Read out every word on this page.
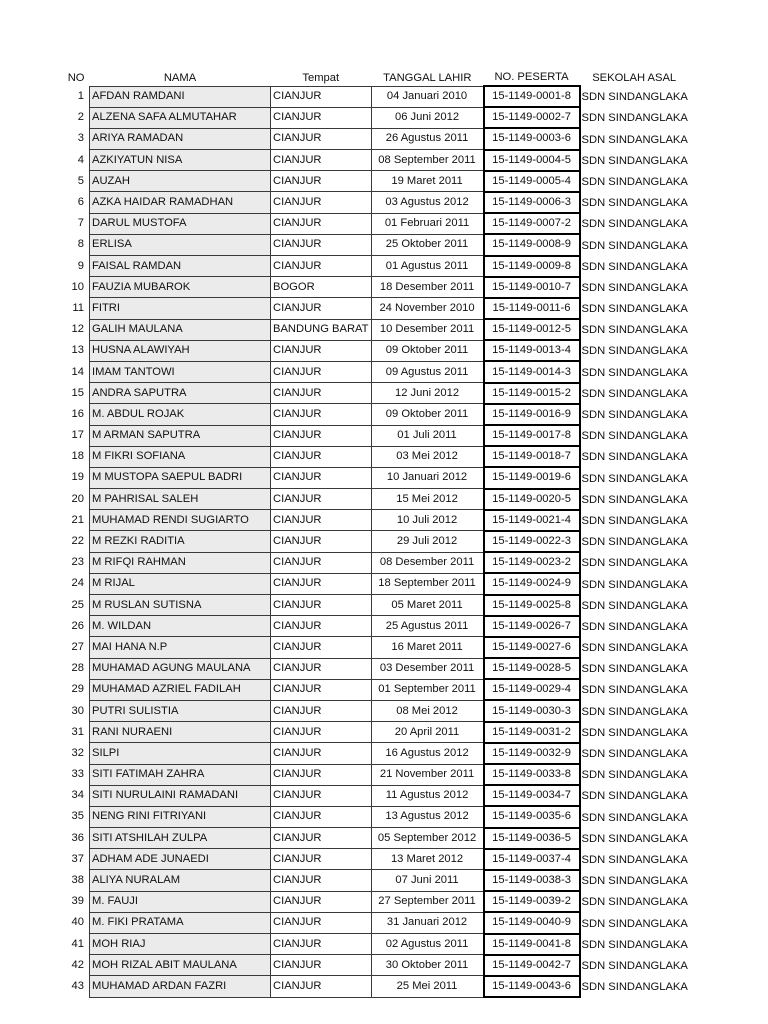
NO	NAMA	Tempat	TANGGAL LAHIR	NO. PESERTA	SEKOLAH ASAL
1	AFDAN RAMDANI	CIANJUR	04 Januari 2010	15-1149-0001-8	SDN SINDANGLAKA
2	ALZENA SAFA ALMUTAHAR	CIANJUR	06 Juni 2012	15-1149-0002-7	SDN SINDANGLAKA
3	ARIYA RAMADAN	CIANJUR	26 Agustus 2011	15-1149-0003-6	SDN SINDANGLAKA
4	AZKIYATUN NISA	CIANJUR	08 September 2011	15-1149-0004-5	SDN SINDANGLAKA
5	AUZAH	CIANJUR	19 Maret 2011	15-1149-0005-4	SDN SINDANGLAKA
6	AZKA HAIDAR RAMADHAN	CIANJUR	03 Agustus 2012	15-1149-0006-3	SDN SINDANGLAKA
7	DARUL MUSTOFA	CIANJUR	01 Februari 2011	15-1149-0007-2	SDN SINDANGLAKA
8	ERLISA	CIANJUR	25 Oktober 2011	15-1149-0008-9	SDN SINDANGLAKA
9	FAISAL RAMDAN	CIANJUR	01 Agustus 2011	15-1149-0009-8	SDN SINDANGLAKA
10	FAUZIA MUBAROK	BOGOR	18 Desember 2011	15-1149-0010-7	SDN SINDANGLAKA
11	FITRI	CIANJUR	24 November 2010	15-1149-0011-6	SDN SINDANGLAKA
12	GALIH MAULANA	BANDUNG BARAT	10 Desember 2011	15-1149-0012-5	SDN SINDANGLAKA
13	HUSNA ALAWIYAH	CIANJUR	09 Oktober 2011	15-1149-0013-4	SDN SINDANGLAKA
14	IMAM TANTOWI	CIANJUR	09 Agustus 2011	15-1149-0014-3	SDN SINDANGLAKA
15	ANDRA SAPUTRA	CIANJUR	12 Juni 2012	15-1149-0015-2	SDN SINDANGLAKA
16	M. ABDUL ROJAK	CIANJUR	09 Oktober 2011	15-1149-0016-9	SDN SINDANGLAKA
17	M ARMAN SAPUTRA	CIANJUR	01 Juli 2011	15-1149-0017-8	SDN SINDANGLAKA
18	M FIKRI SOFIANA	CIANJUR	03 Mei 2012	15-1149-0018-7	SDN SINDANGLAKA
19	M MUSTOPA SAEPUL BADRI	CIANJUR	10 Januari 2012	15-1149-0019-6	SDN SINDANGLAKA
20	M PAHRISAL SALEH	CIANJUR	15 Mei 2012	15-1149-0020-5	SDN SINDANGLAKA
21	MUHAMAD RENDI SUGIARTO	CIANJUR	10 Juli 2012	15-1149-0021-4	SDN SINDANGLAKA
22	M REZKI RADITIA	CIANJUR	29 Juli 2012	15-1149-0022-3	SDN SINDANGLAKA
23	M RIFQI RAHMAN	CIANJUR	08 Desember 2011	15-1149-0023-2	SDN SINDANGLAKA
24	M RIJAL	CIANJUR	18 September 2011	15-1149-0024-9	SDN SINDANGLAKA
25	M RUSLAN SUTISNA	CIANJUR	05 Maret 2011	15-1149-0025-8	SDN SINDANGLAKA
26	M. WILDAN	CIANJUR	25 Agustus 2011	15-1149-0026-7	SDN SINDANGLAKA
27	MAI HANA N.P	CIANJUR	16 Maret 2011	15-1149-0027-6	SDN SINDANGLAKA
28	MUHAMAD AGUNG MAULANA	CIANJUR	03 Desember 2011	15-1149-0028-5	SDN SINDANGLAKA
29	MUHAMAD AZRIEL FADILAH	CIANJUR	01 September 2011	15-1149-0029-4	SDN SINDANGLAKA
30	PUTRI SULISTIA	CIANJUR	08 Mei 2012	15-1149-0030-3	SDN SINDANGLAKA
31	RANI NURAENI	CIANJUR	20 April 2011	15-1149-0031-2	SDN SINDANGLAKA
32	SILPI	CIANJUR	16 Agustus 2012	15-1149-0032-9	SDN SINDANGLAKA
33	SITI FATIMAH ZAHRA	CIANJUR	21 November 2011	15-1149-0033-8	SDN SINDANGLAKA
34	SITI NURULAINI RAMADANI	CIANJUR	11 Agustus 2012	15-1149-0034-7	SDN SINDANGLAKA
35	NENG RINI FITRIYANI	CIANJUR	13 Agustus 2012	15-1149-0035-6	SDN SINDANGLAKA
36	SITI ATSHILAH ZULPA	CIANJUR	05 September 2012	15-1149-0036-5	SDN SINDANGLAKA
37	ADHAM ADE JUNAEDI	CIANJUR	13 Maret 2012	15-1149-0037-4	SDN SINDANGLAKA
38	ALIYA NURALAM	CIANJUR	07 Juni 2011	15-1149-0038-3	SDN SINDANGLAKA
39	M. FAUJI	CIANJUR	27 September 2011	15-1149-0039-2	SDN SINDANGLAKA
40	M. FIKI PRATAMA	CIANJUR	31 Januari 2012	15-1149-0040-9	SDN SINDANGLAKA
41	MOH RIAJ	CIANJUR	02 Agustus 2011	15-1149-0041-8	SDN SINDANGLAKA
42	MOH RIZAL ABIT MAULANA	CIANJUR	30 Oktober 2011	15-1149-0042-7	SDN SINDANGLAKA
43	MUHAMAD ARDAN FAZRI	CIANJUR	25 Mei 2011	15-1149-0043-6	SDN SINDANGLAKA
